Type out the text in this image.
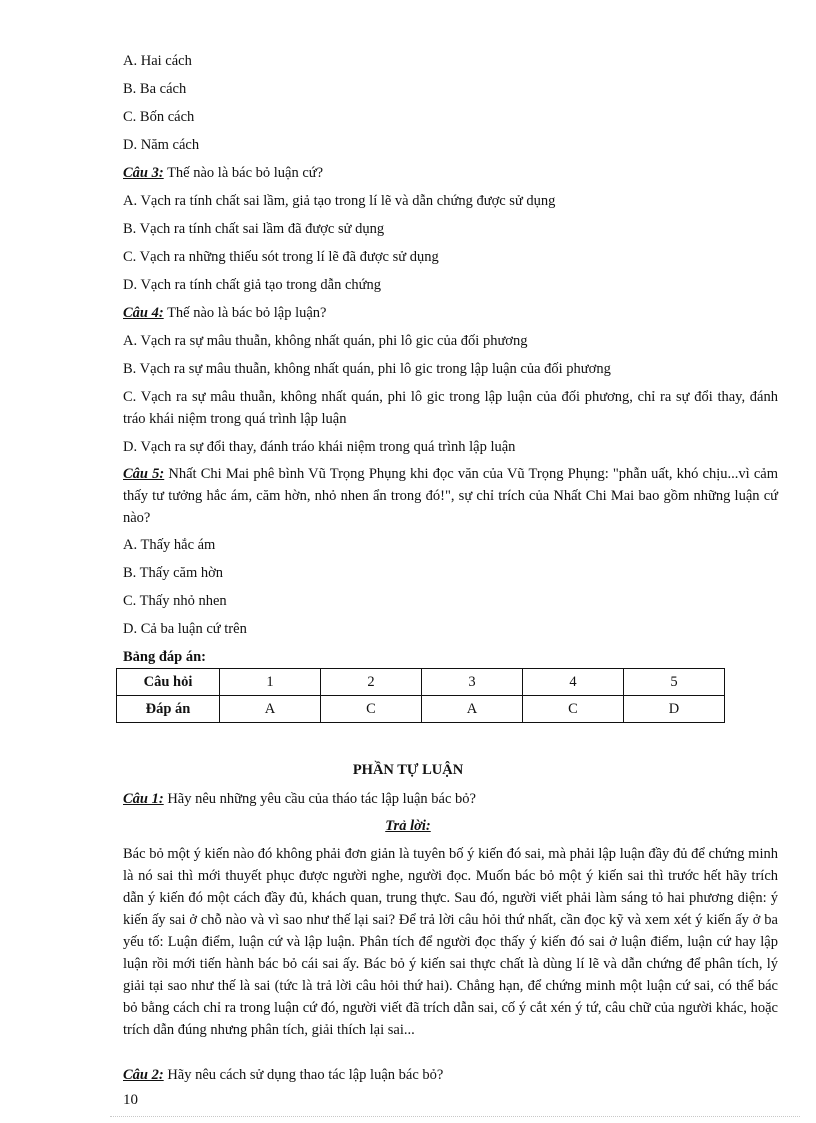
A. Hai cách
B. Ba cách
C. Bốn cách
D. Năm cách
Câu 3: Thế nào là bác bỏ luận cứ?
A. Vạch ra tính chất sai lầm, giả tạo trong lí lẽ và dẫn chứng được sử dụng
B. Vạch ra tính chất sai lầm đã được sử dụng
C. Vạch ra những thiếu sót trong lí lẽ đã được sử dụng
D. Vạch ra tính chất giả tạo trong dẫn chứng
Câu 4: Thế nào là bác bỏ lập luận?
A. Vạch ra sự mâu thuẫn, không nhất quán, phi lô gic của đối phương
B. Vạch ra sự mâu thuẫn, không nhất quán, phi lô gic trong lập luận của đối phương
C. Vạch ra sự mâu thuẫn, không nhất quán, phi lô gic trong lập luận của đối phương, chỉ ra sự đổi thay, đánh tráo khái niệm trong quá trình lập luận
D. Vạch ra sự đổi thay, đánh tráo khái niệm trong quá trình lập luận
Câu 5: Nhất Chi Mai phê bình Vũ Trọng Phụng khi đọc văn của Vũ Trọng Phụng: "phẫn uất, khó chịu...vì cảm thấy tư tưởng hắc ám, căm hờn, nhỏ nhen ẩn trong đó!", sự chỉ trích của Nhất Chi Mai bao gồm những luận cứ nào?
A. Thấy hắc ám
B. Thấy căm hờn
C. Thấy nhỏ nhen
D. Cả ba luận cứ trên
Bảng đáp án:
Câu hỏi	1	2	3	4	5
Đáp án	A	C	A	C	D
PHẦN TỰ LUẬN
Câu 1: Hãy nêu những yêu cầu của tháo tác lập luận bác bỏ?
Trả lời:
Bác bỏ một ý kiến nào đó không phải đơn giản là tuyên bố ý kiến đó sai, mà phải lập luận đầy đủ để chứng minh là nó sai thì mới thuyết phục được người nghe, người đọc. Muốn bác bỏ một ý kiến sai thì trước hết hãy trích dẫn ý kiến đó một cách đầy đủ, khách quan, trung thực. Sau đó, người viết phải làm sáng tỏ hai phương diện: ý kiến ấy sai ở chỗ nào và vì sao như thế lại sai? Để trả lời câu hỏi thứ nhất, cần đọc kỹ và xem xét ý kiến ấy ở ba yếu tố: Luận điểm, luận cứ và lập luận. Phân tích để người đọc thấy ý kiến đó sai ở luận điểm, luận cứ hay lập luận rồi mới tiến hành bác bỏ cái sai ấy. Bác bỏ ý kiến sai thực chất là dùng lí lẽ và dẫn chứng để phân tích, lý giải tại sao như thế là sai (tức là trả lời câu hỏi thứ hai). Chẳng hạn, để chứng minh một luận cứ sai, có thể bác bỏ bằng cách chỉ ra trong luận cứ đó, người viết đã trích dẫn sai, cố ý cắt xén ý tứ, câu chữ của người khác, hoặc trích dẫn đúng nhưng phân tích, giải thích lại sai...
Câu 2: Hãy nêu cách sử dụng thao tác lập luận bác bỏ?
10
